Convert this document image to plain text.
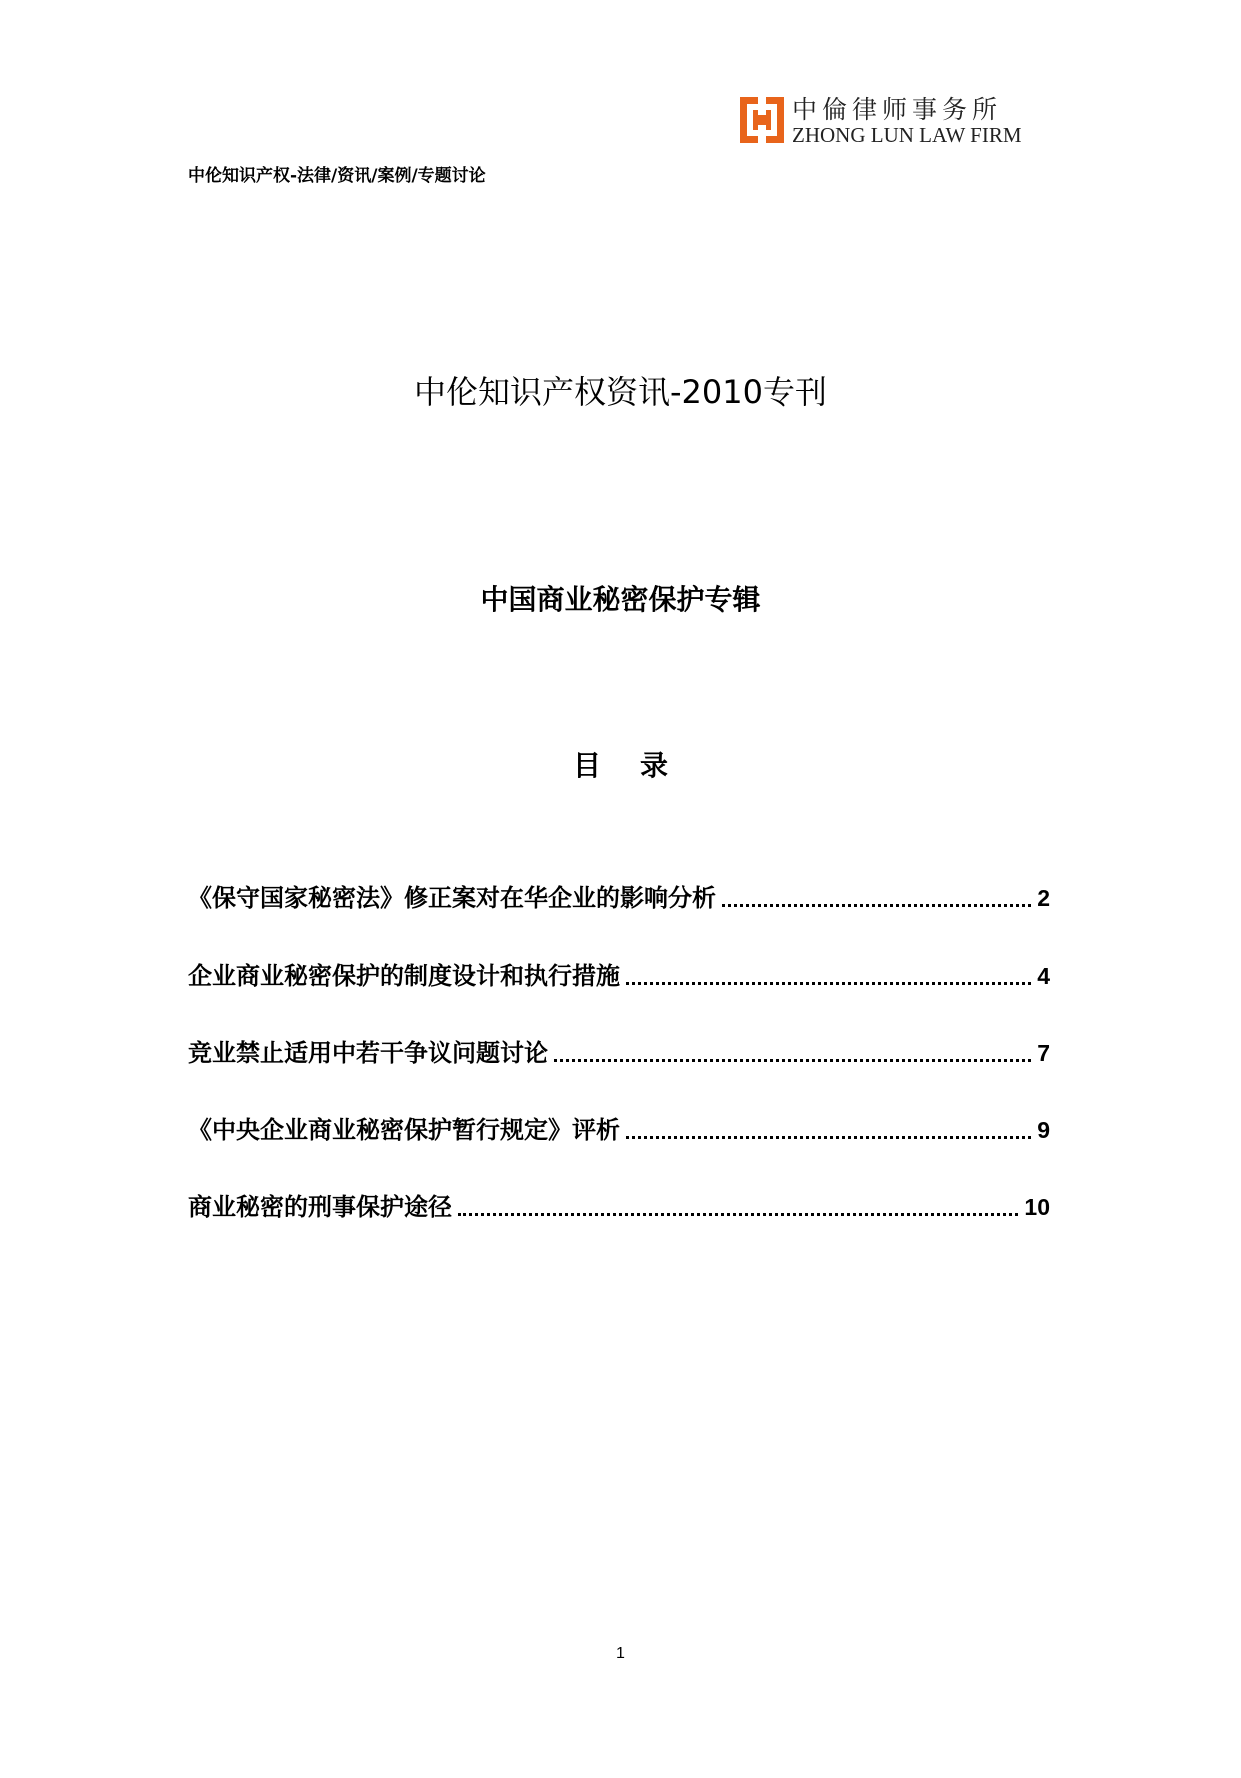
中倫律师事务所
ZHONG LUN LAW FIRM
中伦知识产权-法律/资讯/案例/专题讨论
中伦知识产权资讯-2010专刊
中国商业秘密保护专辑
目    录
《保守国家秘密法》修正案对在华企业的影响分析	2
企业商业秘密保护的制度设计和执行措施	4
竞业禁止适用中若干争议问题讨论	7
《中央企业商业秘密保护暂行规定》评析	9
商业秘密的刑事保护途径	10
1
